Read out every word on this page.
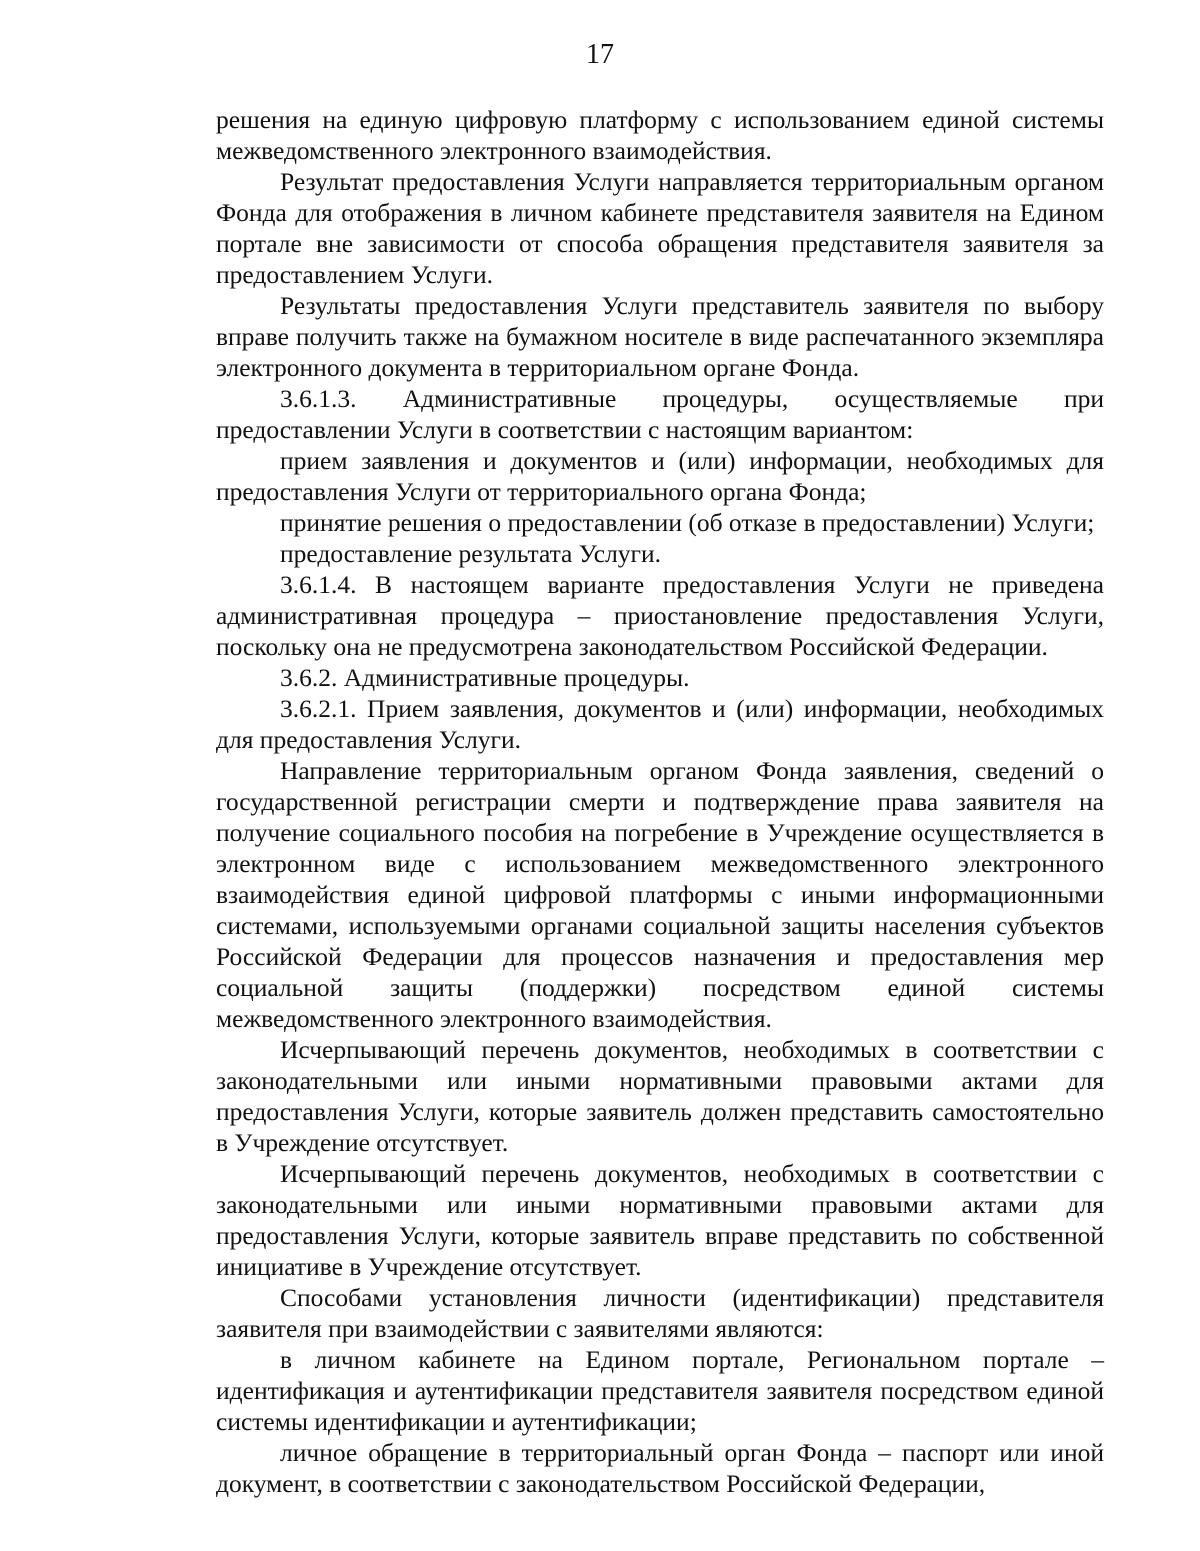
17

решения на единую цифровую платформу с использованием единой системы межведомственного электронного взаимодействия.

Результат предоставления Услуги направляется территориальным органом Фонда для отображения в личном кабинете представителя заявителя на Едином портале вне зависимости от способа обращения представителя заявителя за предоставлением Услуги.

Результаты предоставления Услуги представитель заявителя по выбору вправе получить также на бумажном носителе в виде распечатанного экземпляра электронного документа в территориальном органе Фонда.

3.6.1.3. Административные процедуры, осуществляемые при предоставлении Услуги в соответствии с настоящим вариантом:

прием заявления и документов и (или) информации, необходимых для предоставления Услуги от территориального органа Фонда;

принятие решения о предоставлении (об отказе в предоставлении) Услуги;

предоставление результата Услуги.

3.6.1.4. В настоящем варианте предоставления Услуги не приведена административная процедура – приостановление предоставления Услуги, поскольку она не предусмотрена законодательством Российской Федерации.

3.6.2. Административные процедуры.

3.6.2.1. Прием заявления, документов и (или) информации, необходимых для предоставления Услуги.

Направление территориальным органом Фонда заявления, сведений о государственной регистрации смерти и подтверждение права заявителя на получение социального пособия на погребение в Учреждение осуществляется в электронном виде с использованием межведомственного электронного взаимодействия единой цифровой платформы с иными информационными системами, используемыми органами социальной защиты населения субъектов Российской Федерации для процессов назначения и предоставления мер социальной защиты (поддержки) посредством единой системы межведомственного электронного взаимодействия.

Исчерпывающий перечень документов, необходимых в соответствии с законодательными или иными нормативными правовыми актами для предоставления Услуги, которые заявитель должен представить самостоятельно в Учреждение отсутствует.

Исчерпывающий перечень документов, необходимых в соответствии с законодательными или иными нормативными правовыми актами для предоставления Услуги, которые заявитель вправе представить по собственной инициативе в Учреждение отсутствует.

Способами установления личности (идентификации) представителя заявителя при взаимодействии с заявителями являются:

в личном кабинете на Едином портале, Региональном портале – идентификация и аутентификации представителя заявителя посредством единой системы идентификации и аутентификации;

личное обращение в территориальный орган Фонда – паспорт или иной документ, в соответствии с законодательством Российской Федерации,
